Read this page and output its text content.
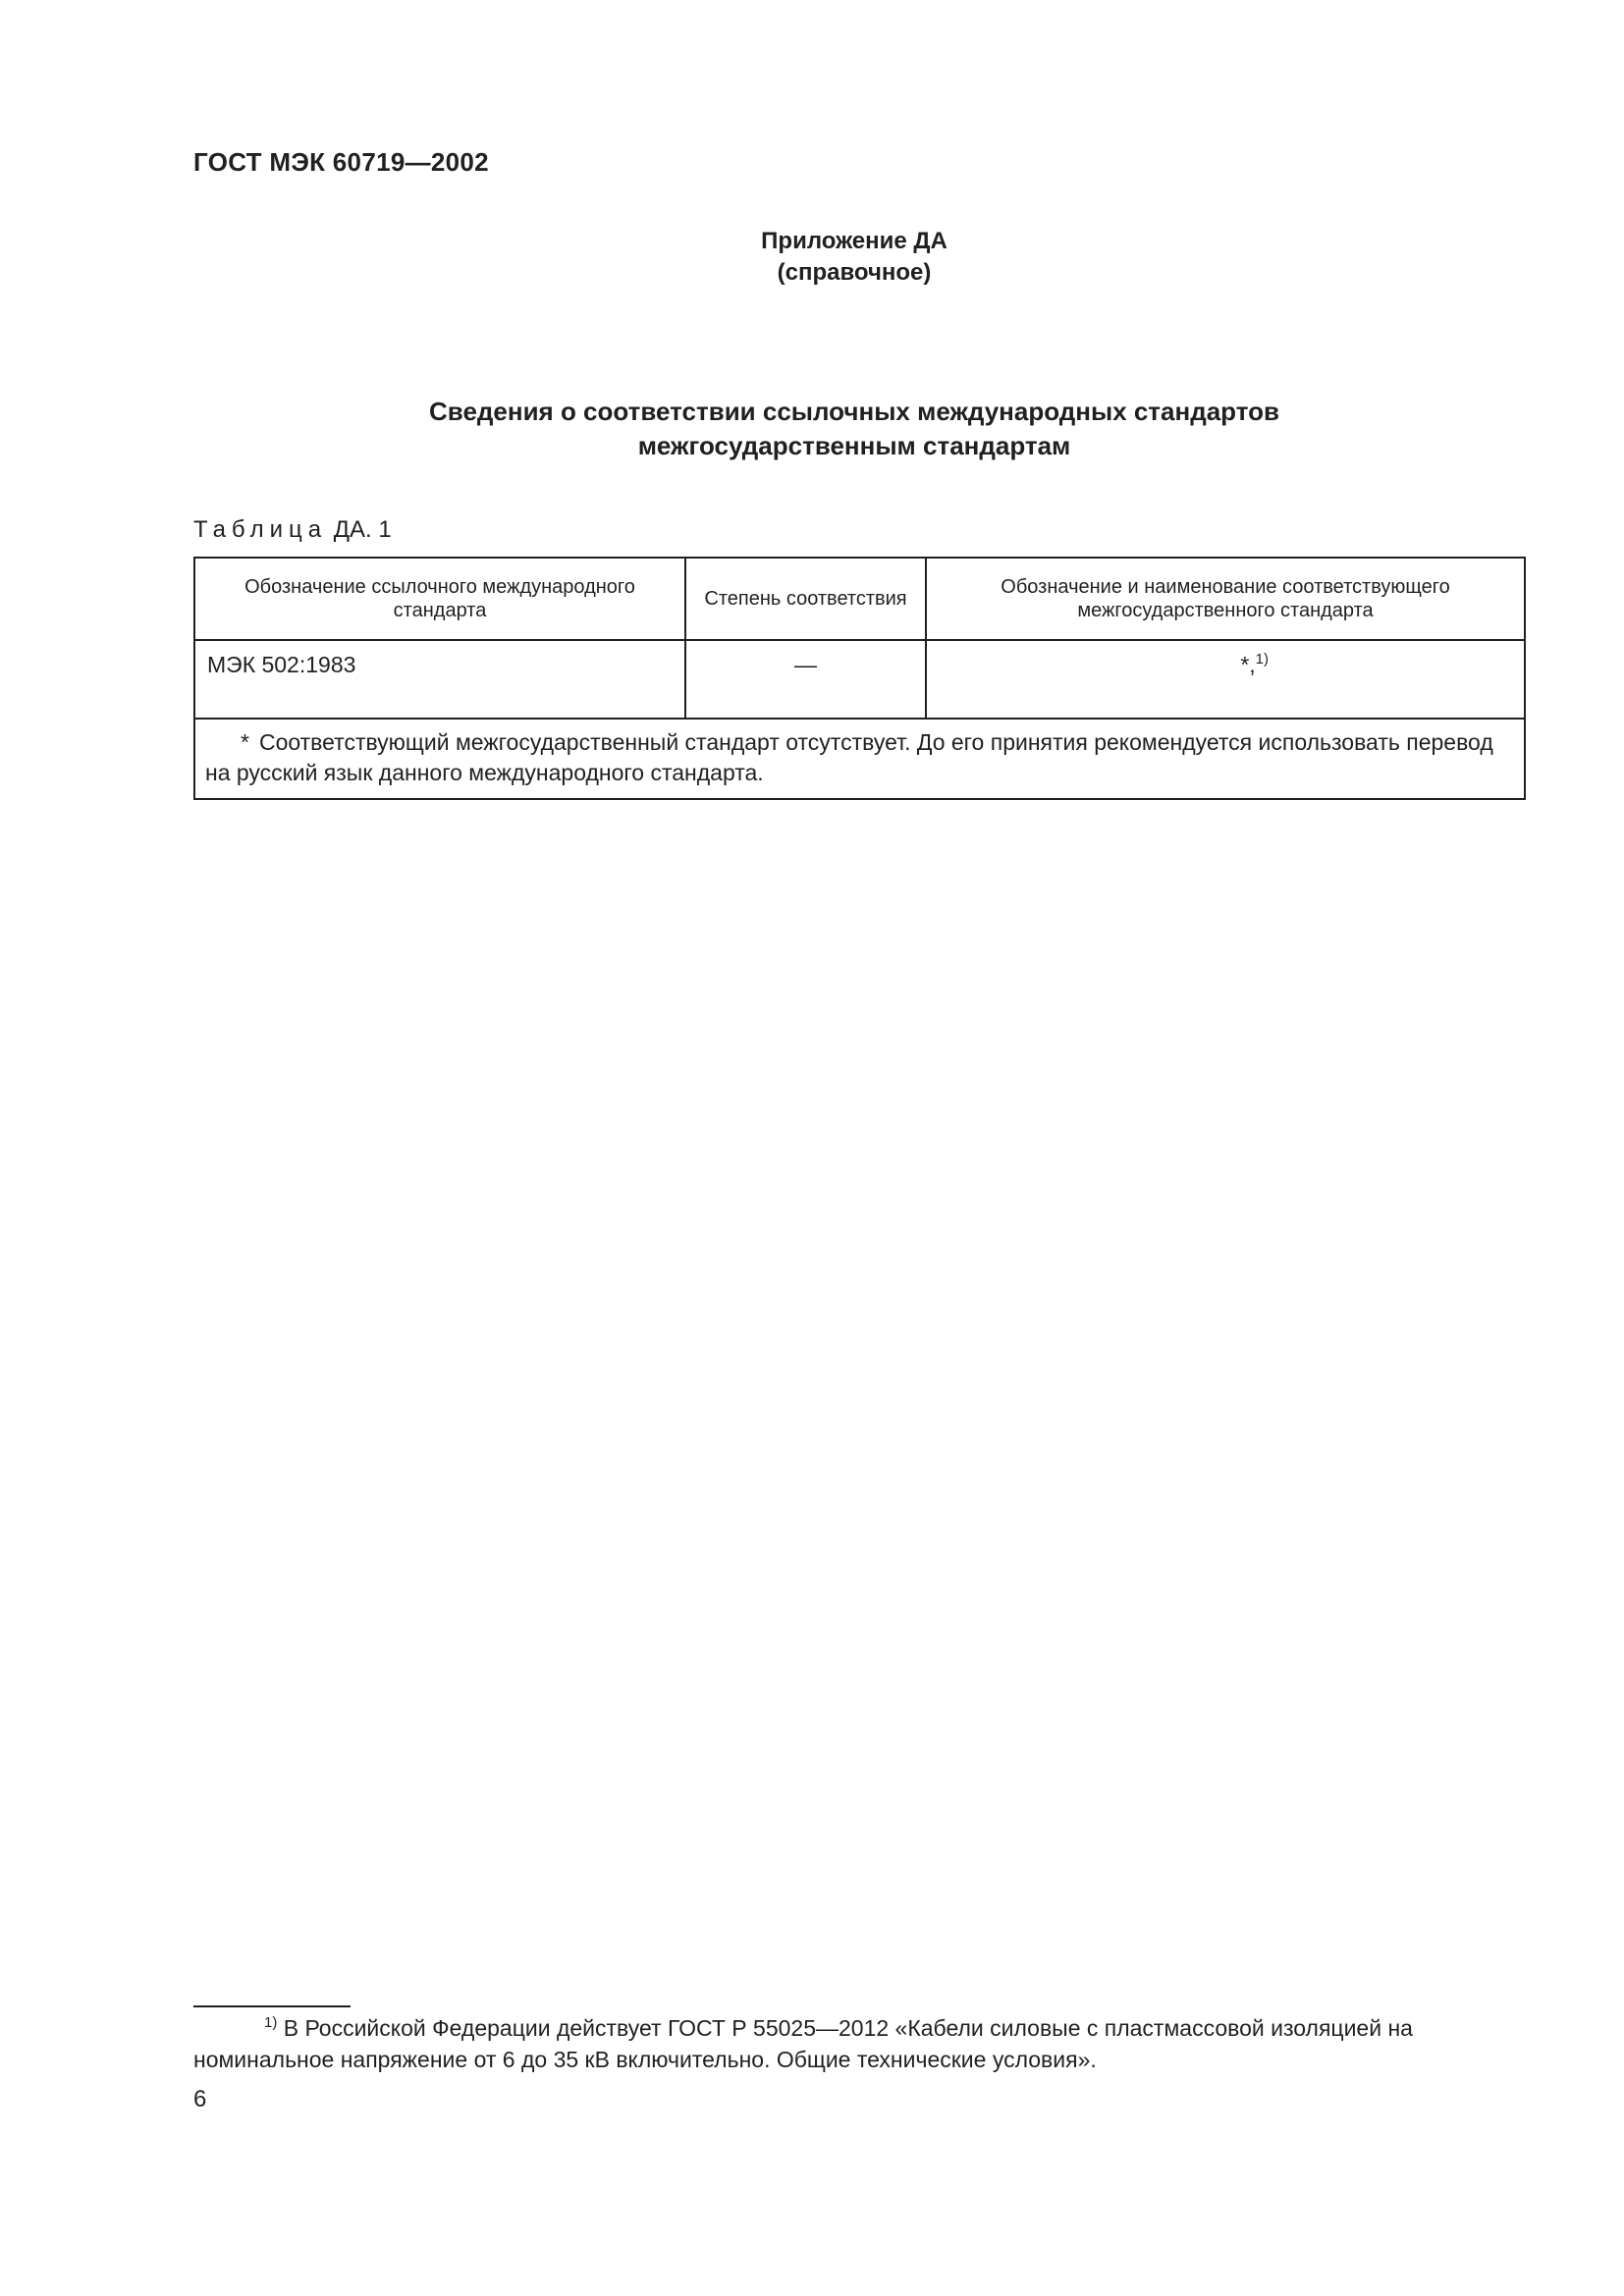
ГОСТ МЭК 60719—2002
Приложение ДА
(справочное)
Сведения о соответствии ссылочных международных стандартов
межгосударственным стандартам
Таблица ДА. 1
Обозначение ссылочного международного стандарта	Степень соответствия	Обозначение и наименование соответствующего межгосударственного стандарта
МЭК 502:1983	—	*,$^{1)}$
* Соответствующий межгосударственный стандарт отсутствует. До его принятия рекомендуется использовать перевод на русский язык данного международного стандарта.		
$^{1)}$ В Российской Федерации действует ГОСТ Р 55025—2012 «Кабели силовые с пластмассовой изоляцией на номинальное напряжение от 6 до 35 кВ включительно. Общие технические условия».
6
